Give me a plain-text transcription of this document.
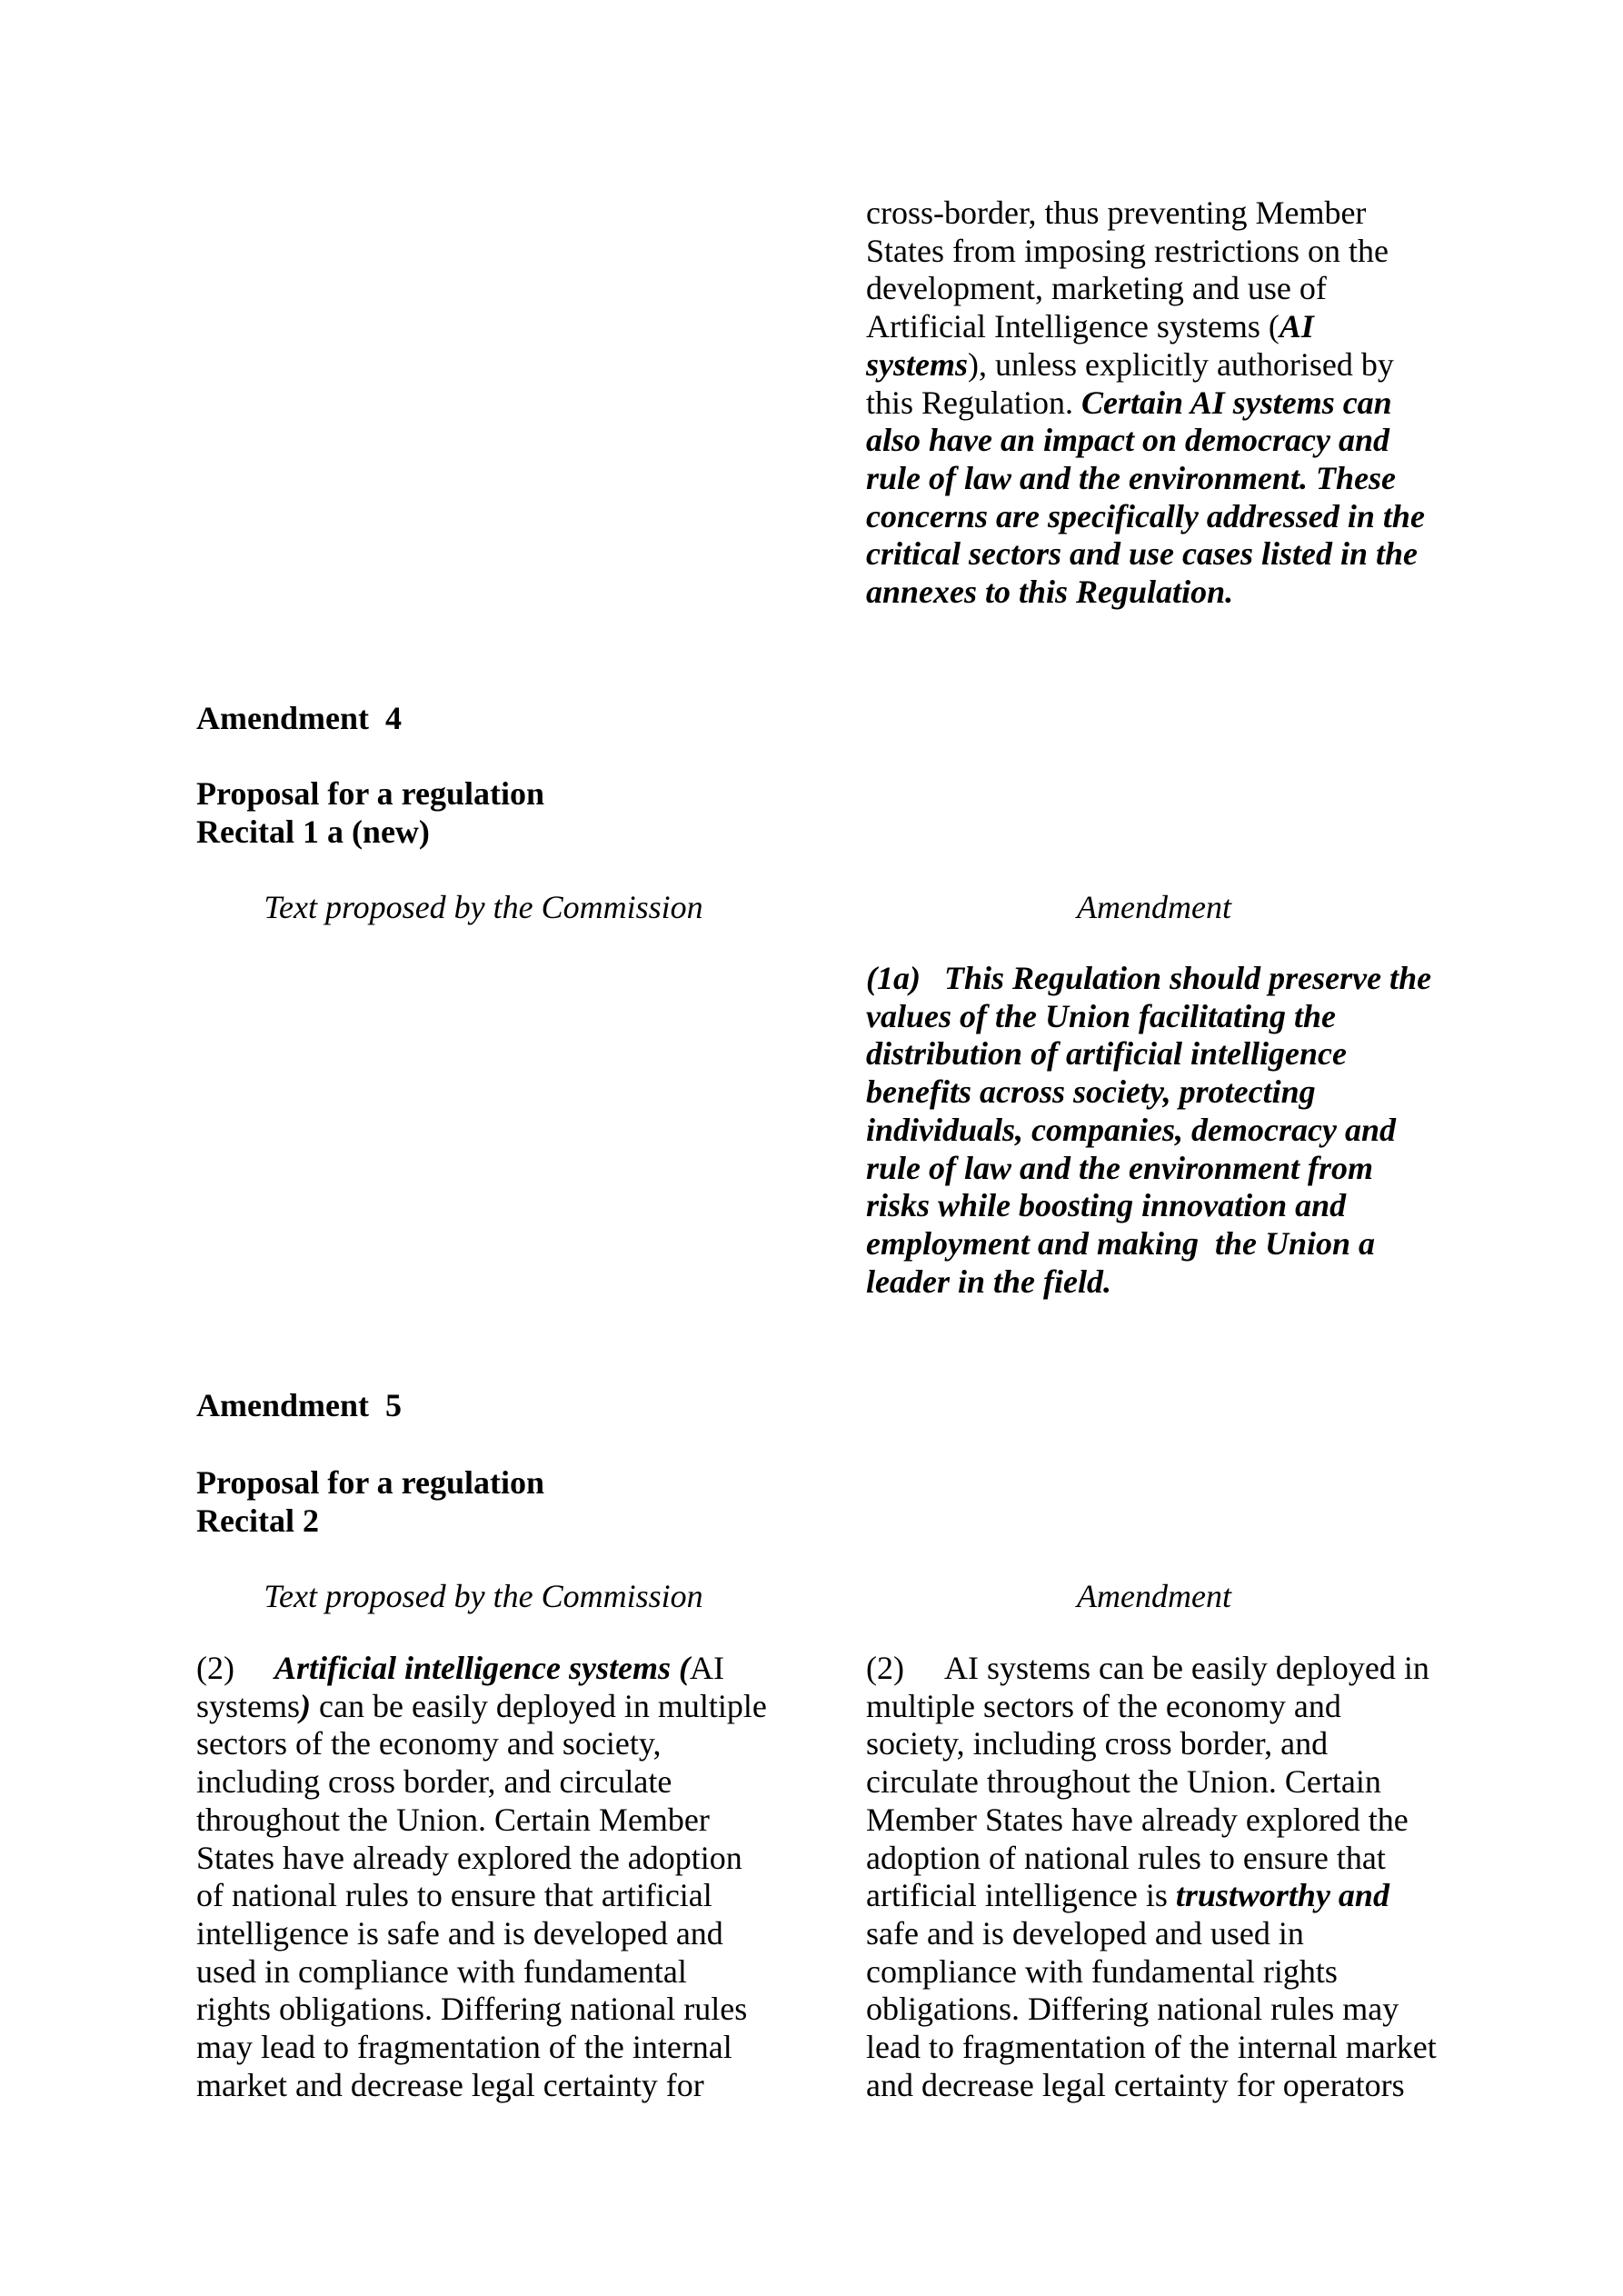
cross-border, thus preventing Member
States from imposing restrictions on the
development, marketing and use of
Artificial Intelligence systems (AI
systems), unless explicitly authorised by
this Regulation. Certain AI systems can
also have an impact on democracy and
rule of law and the environment. These
concerns are specifically addressed in the
critical sectors and use cases listed in the
annexes to this Regulation.
Amendment  4
Proposal for a regulation
Recital 1 a (new)
Text proposed by the Commission	Amendment
(1a) This Regulation should preserve the
values of the Union facilitating the
distribution of artificial intelligence
benefits across society, protecting
individuals, companies, democracy and
rule of law and the environment from
risks while boosting innovation and
employment and making  the Union a
leader in the field.
Amendment  5
Proposal for a regulation
Recital 2
Text proposed by the Commission	Amendment
(2) Artificial intelligence systems (AI
systems) can be easily deployed in multiple
sectors of the economy and society,
including cross border, and circulate
throughout the Union. Certain Member
States have already explored the adoption
of national rules to ensure that artificial
intelligence is safe and is developed and
used in compliance with fundamental
rights obligations. Differing national rules
may lead to fragmentation of the internal
market and decrease legal certainty for
(2) AI systems can be easily deployed in
multiple sectors of the economy and
society, including cross border, and
circulate throughout the Union. Certain
Member States have already explored the
adoption of national rules to ensure that
artificial intelligence is trustworthy and
safe and is developed and used in
compliance with fundamental rights
obligations. Differing national rules may
lead to fragmentation of the internal market
and decrease legal certainty for operators
